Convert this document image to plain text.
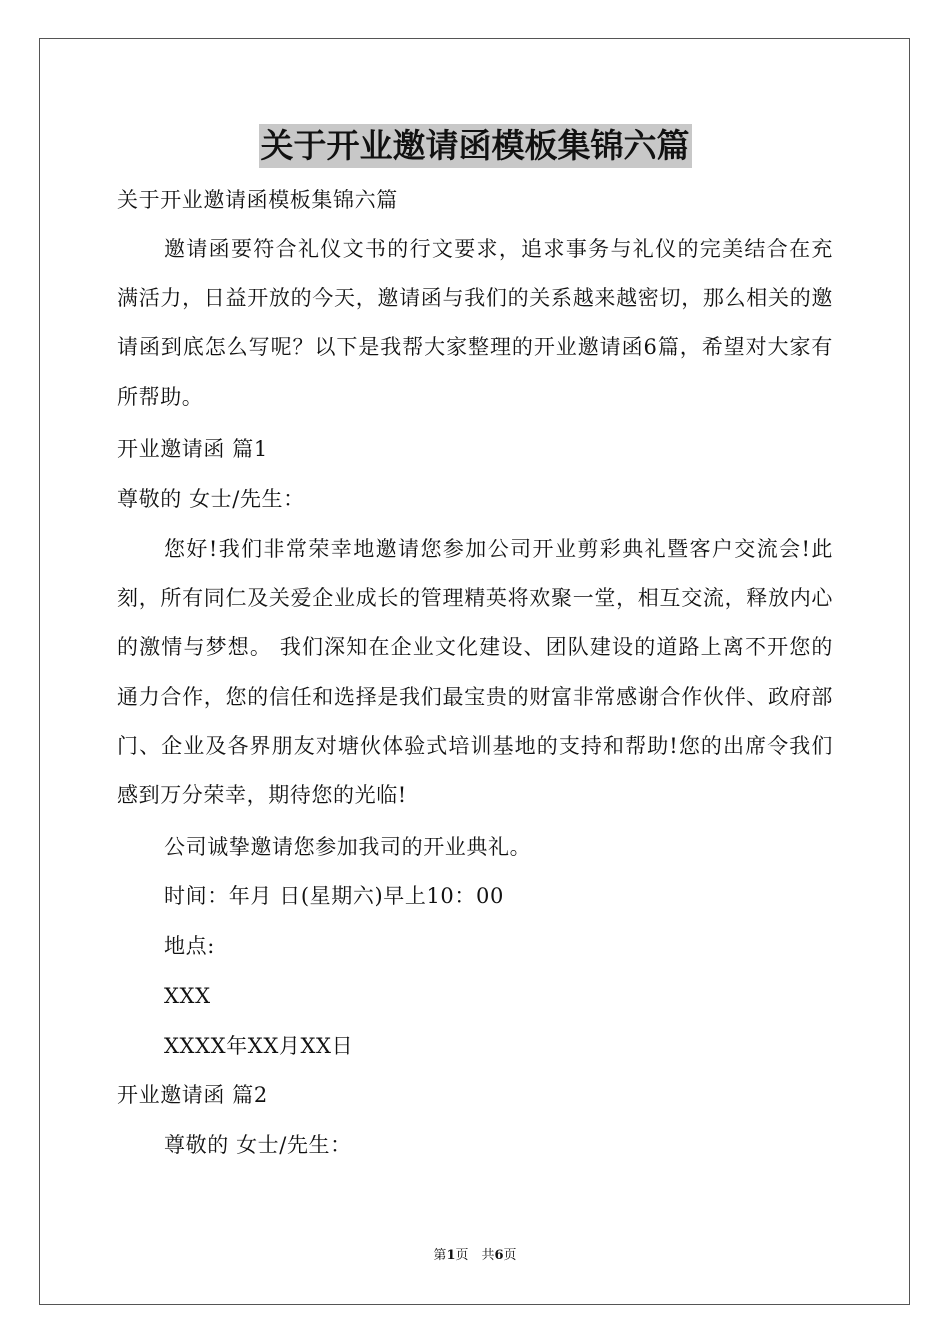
关于开业邀请函模板集锦六篇
关于开业邀请函模板集锦六篇
邀请函要符合礼仪文书的行文要求，追求事务与礼仪的完美结合在充满活力，日益开放的今天，邀请函与我们的关系越来越密切，那么相关的邀请函到底怎么写呢？以下是我帮大家整理的开业邀请函6篇，希望对大家有所帮助。
开业邀请函 篇1
尊敬的 女士/先生：
您好!我们非常荣幸地邀请您参加公司开业剪彩典礼暨客户交流会!此刻，所有同仁及关爱企业成长的管理精英将欢聚一堂，相互交流，释放内心的激情与梦想。 我们深知在企业文化建设、团队建设的道路上离不开您的通力合作，您的信任和选择是我们最宝贵的财富非常感谢合作伙伴、政府部门、企业及各界朋友对塘伙体验式培训基地的支持和帮助!您的出席令我们感到万分荣幸，期待您的光临!
公司诚挚邀请您参加我司的开业典礼。
时间：年月 日(星期六)早上10：00
地点:
XXX
XXXX年XX月XX日
开业邀请函 篇2
尊敬的 女士/先生：
第1页　共6页
